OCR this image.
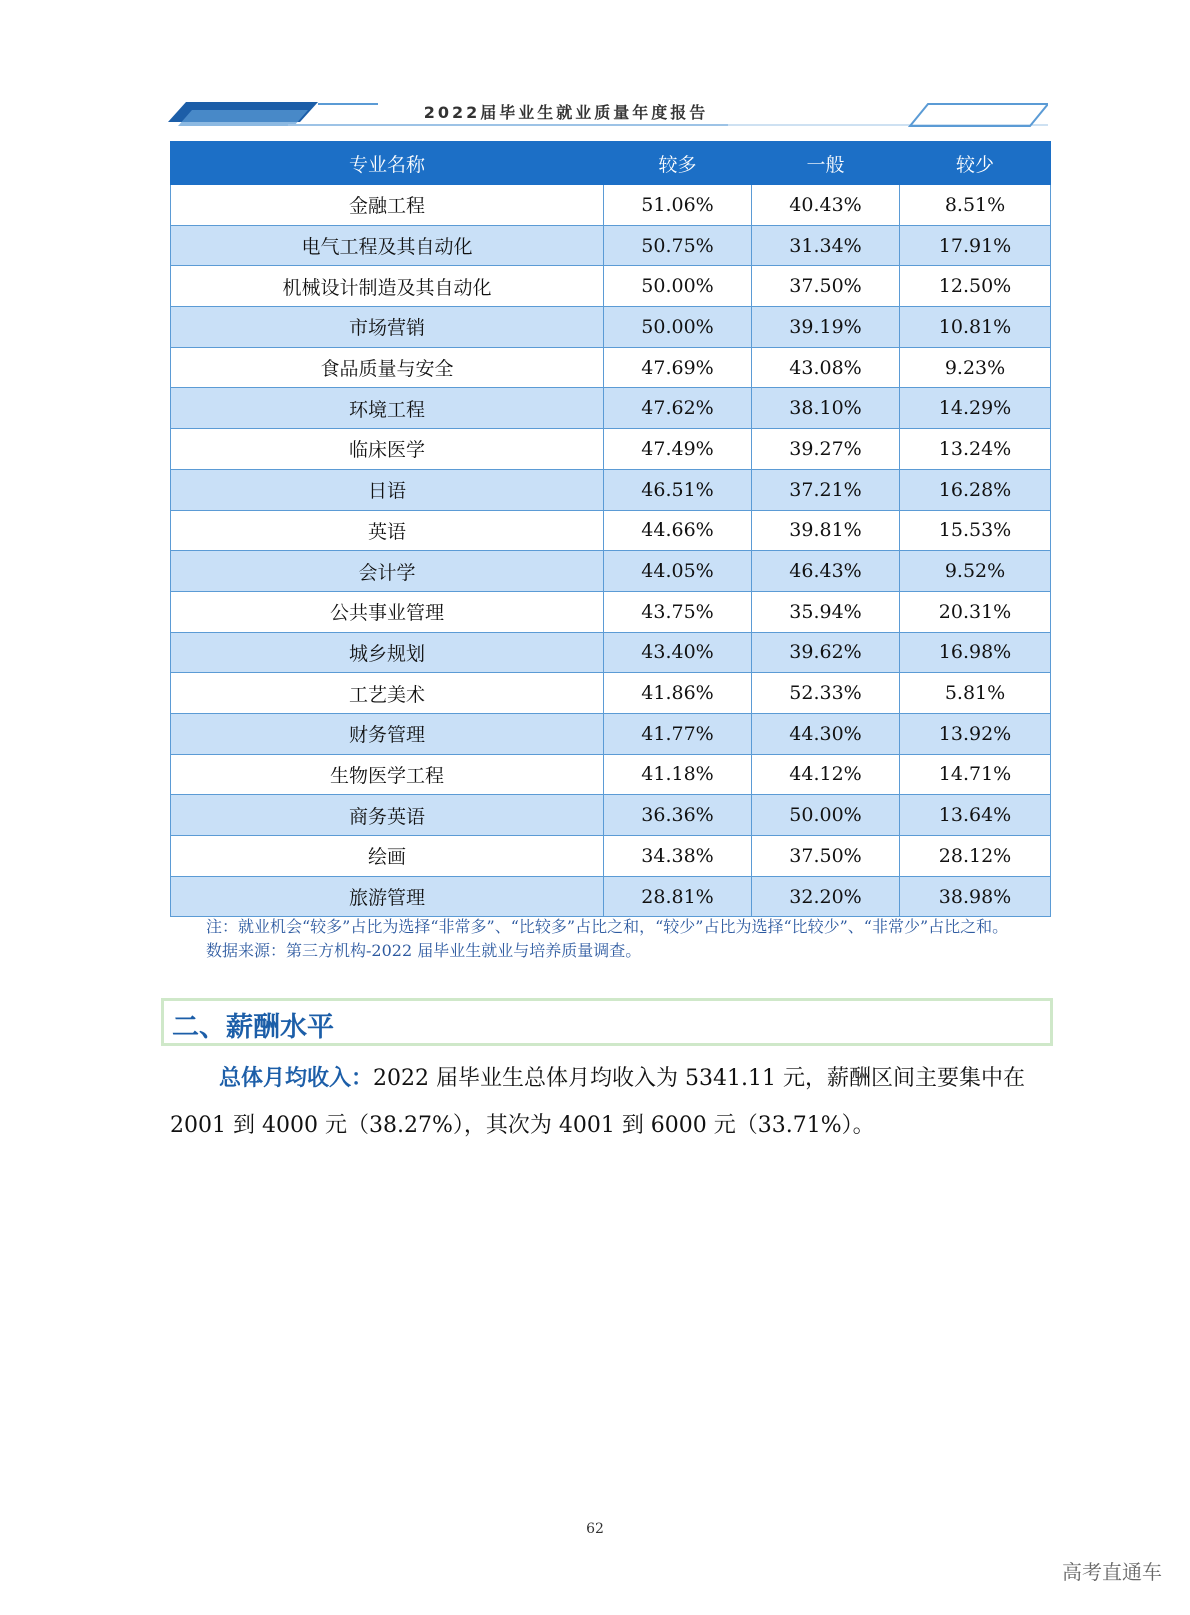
2022届毕业生就业质量年度报告
专业名称	较多	一般	较少
金融工程	51.06%	40.43%	8.51%
电气工程及其自动化	50.75%	31.34%	17.91%
机械设计制造及其自动化	50.00%	37.50%	12.50%
市场营销	50.00%	39.19%	10.81%
食品质量与安全	47.69%	43.08%	9.23%
环境工程	47.62%	38.10%	14.29%
临床医学	47.49%	39.27%	13.24%
日语	46.51%	37.21%	16.28%
英语	44.66%	39.81%	15.53%
会计学	44.05%	46.43%	9.52%
公共事业管理	43.75%	35.94%	20.31%
城乡规划	43.40%	39.62%	16.98%
工艺美术	41.86%	52.33%	5.81%
财务管理	41.77%	44.30%	13.92%
生物医学工程	41.18%	44.12%	14.71%
商务英语	36.36%	50.00%	13.64%
绘画	34.38%	37.50%	28.12%
旅游管理	28.81%	32.20%	38.98%

注：就业机会“较多”占比为选择“非常多”、“比较多”占比之和，“较少”占比为选择“比较少”、“非常少”占比之和。

数据来源：第三方机构-2022 届毕业生就业与培养质量调查。

二、薪酬水平

总体月均收入：2022 届毕业生总体月均收入为 5341.11 元，薪酬区间主要集中在 2001 到 4000 元（38.27%），其次为 4001 到 6000 元（33.71%）。

62
高考直通车
